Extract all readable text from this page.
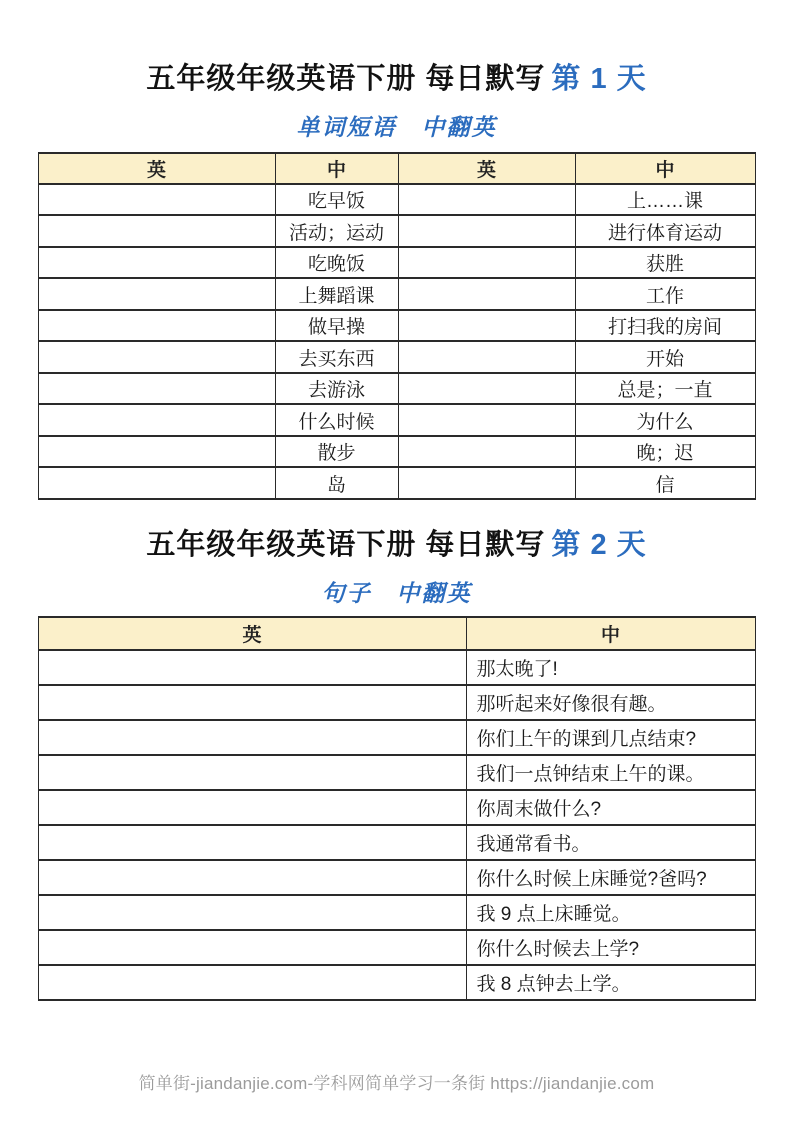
五年级年级英语下册 每日默写 第 1 天
单词短语　中翻英
英	中	英	中
	吃早饭		上……课
	活动；运动		进行体育运动
	吃晚饭		获胜
	上舞蹈课		工作
	做早操		打扫我的房间
	去买东西		开始
	去游泳		总是；一直
	什么时候		为什么
	散步		晚；迟
	岛		信
五年级年级英语下册 每日默写 第 2 天
句子　中翻英
英	中
	那太晚了!
	那听起来好像很有趣。
	你们上午的课到几点结束?
	我们一点钟结束上午的课。
	你周末做什么?
	我通常看书。
	你什么时候上床睡觉?爸吗?
	我 9 点上床睡觉。
	你什么时候去上学?
	我 8 点钟去上学。
简单街-jiandanjie.com-学科网简单学习一条街 https://jiandanjie.com
